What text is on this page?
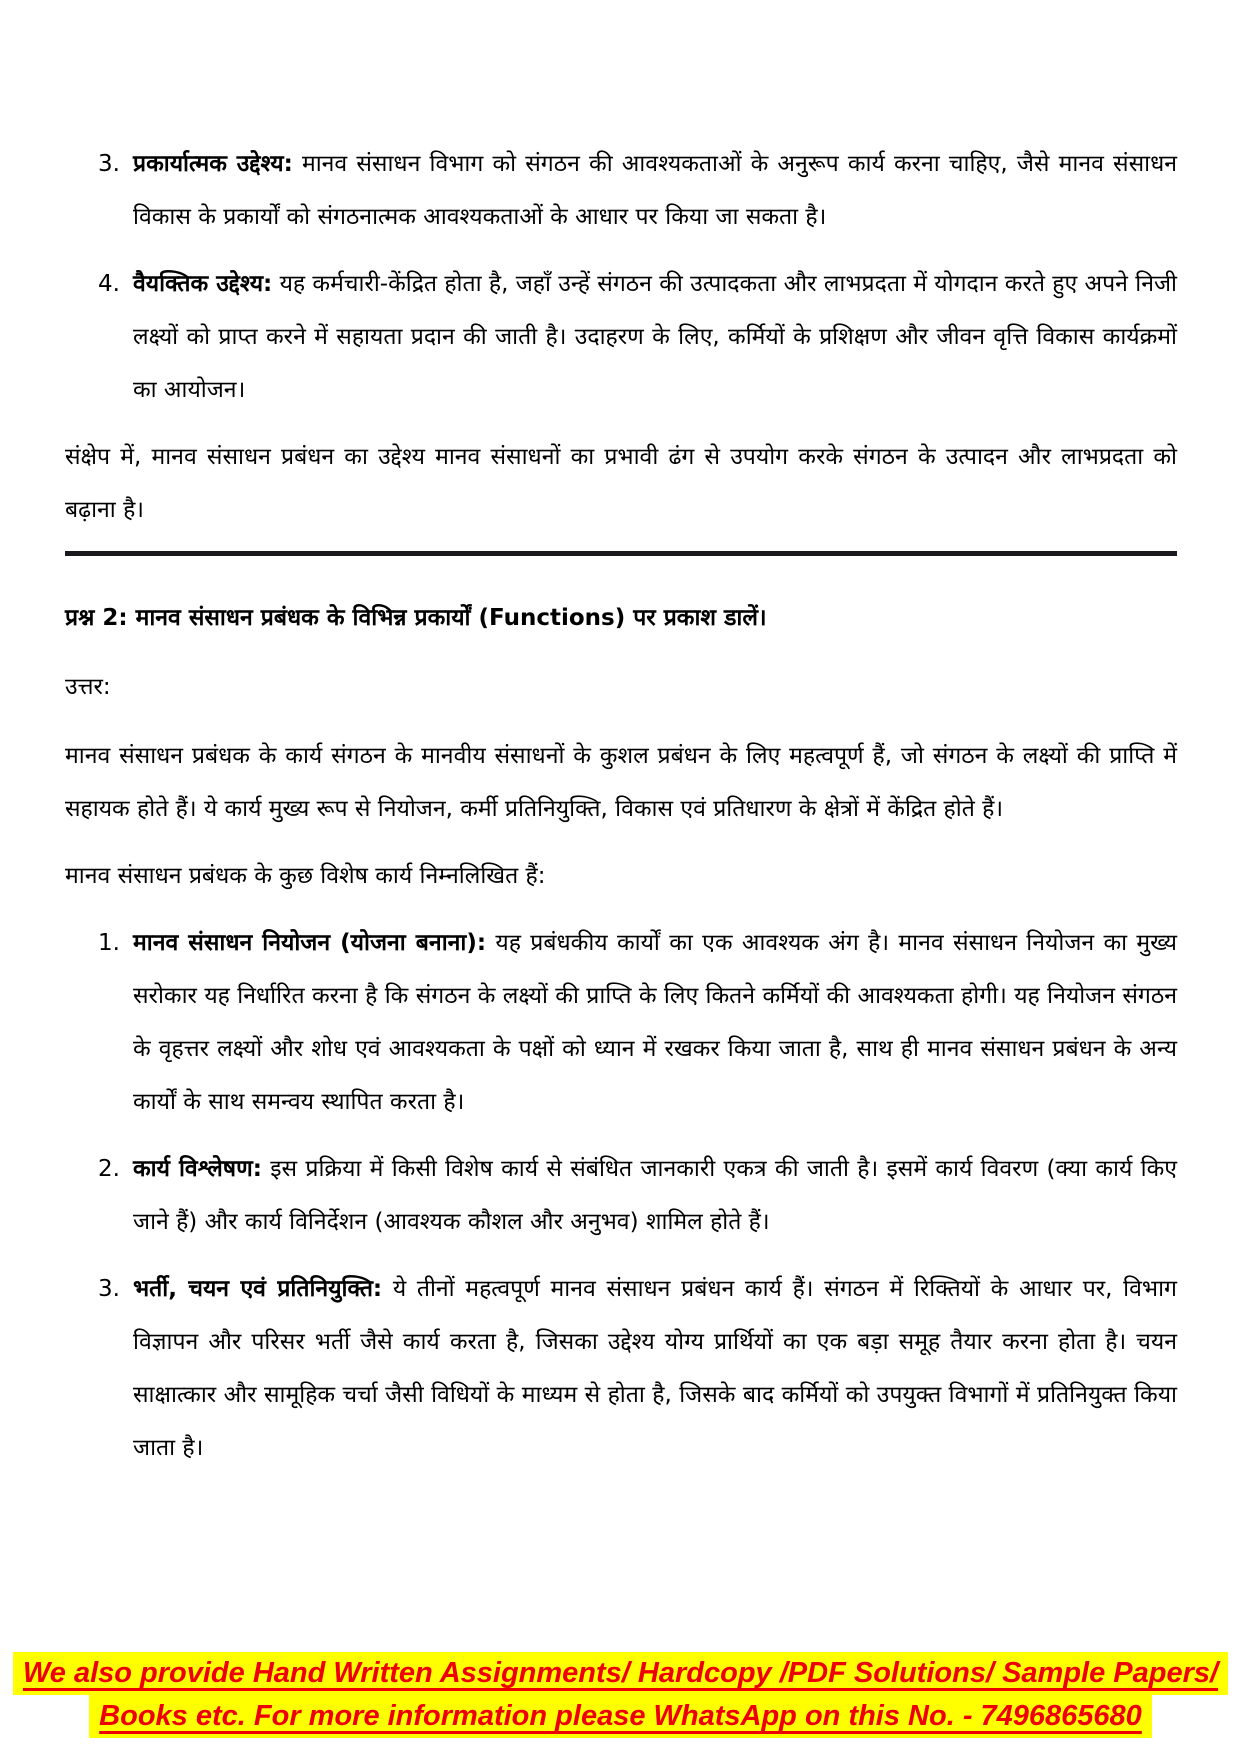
3. प्रकार्यात्मक उद्देश्य: मानव संसाधन विभाग को संगठन की आवश्यकताओं के अनुरूप कार्य करना चाहिए, जैसे मानव संसाधन विकास के प्रकार्यों को संगठनात्मक आवश्यकताओं के आधार पर किया जा सकता है।
4. वैयक्तिक उद्देश्य: यह कर्मचारी-केंद्रित होता है, जहाँ उन्हें संगठन की उत्पादकता और लाभप्रदता में योगदान करते हुए अपने निजी लक्ष्यों को प्राप्त करने में सहायता प्रदान की जाती है। उदाहरण के लिए, कर्मियों के प्रशिक्षण और जीवन वृत्ति विकास कार्यक्रमों का आयोजन।

संक्षेप में, मानव संसाधन प्रबंधन का उद्देश्य मानव संसाधनों का प्रभावी ढंग से उपयोग करके संगठन के उत्पादन और लाभप्रदता को बढ़ाना है।

प्रश्न 2: मानव संसाधन प्रबंधक के विभिन्न प्रकार्यों (Functions) पर प्रकाश डालें।

उत्तर:

मानव संसाधन प्रबंधक के कार्य संगठन के मानवीय संसाधनों के कुशल प्रबंधन के लिए महत्वपूर्ण हैं, जो संगठन के लक्ष्यों की प्राप्ति में सहायक होते हैं। ये कार्य मुख्य रूप से नियोजन, कर्मी प्रतिनियुक्ति, विकास एवं प्रतिधारण के क्षेत्रों में केंद्रित होते हैं।

मानव संसाधन प्रबंधक के कुछ विशेष कार्य निम्नलिखित हैं:

1. मानव संसाधन नियोजन (योजना बनाना): यह प्रबंधकीय कार्यों का एक आवश्यक अंग है। मानव संसाधन नियोजन का मुख्य सरोकार यह निर्धारित करना है कि संगठन के लक्ष्यों की प्राप्ति के लिए कितने कर्मियों की आवश्यकता होगी। यह नियोजन संगठन के वृहत्तर लक्ष्यों और शोध एवं आवश्यकता के पक्षों को ध्यान में रखकर किया जाता है, साथ ही मानव संसाधन प्रबंधन के अन्य कार्यों के साथ समन्वय स्थापित करता है।
2. कार्य विश्लेषण: इस प्रक्रिया में किसी विशेष कार्य से संबंधित जानकारी एकत्र की जाती है। इसमें कार्य विवरण (क्या कार्य किए जाने हैं) और कार्य विनिर्देशन (आवश्यक कौशल और अनुभव) शामिल होते हैं।
3. भर्ती, चयन एवं प्रतिनियुक्ति: ये तीनों महत्वपूर्ण मानव संसाधन प्रबंधन कार्य हैं। संगठन में रिक्तियों के आधार पर, विभाग विज्ञापन और परिसर भर्ती जैसे कार्य करता है, जिसका उद्देश्य योग्य प्रार्थियों का एक बड़ा समूह तैयार करना होता है। चयन साक्षात्कार और सामूहिक चर्चा जैसी विधियों के माध्यम से होता है, जिसके बाद कर्मियों को उपयुक्त विभागों में प्रतिनियुक्त किया जाता है।
We also provide Hand Written Assignments/ Hardcopy /PDF Solutions/ Sample Papers/
Books etc. For more information please WhatsApp on this No. - 7496865680
